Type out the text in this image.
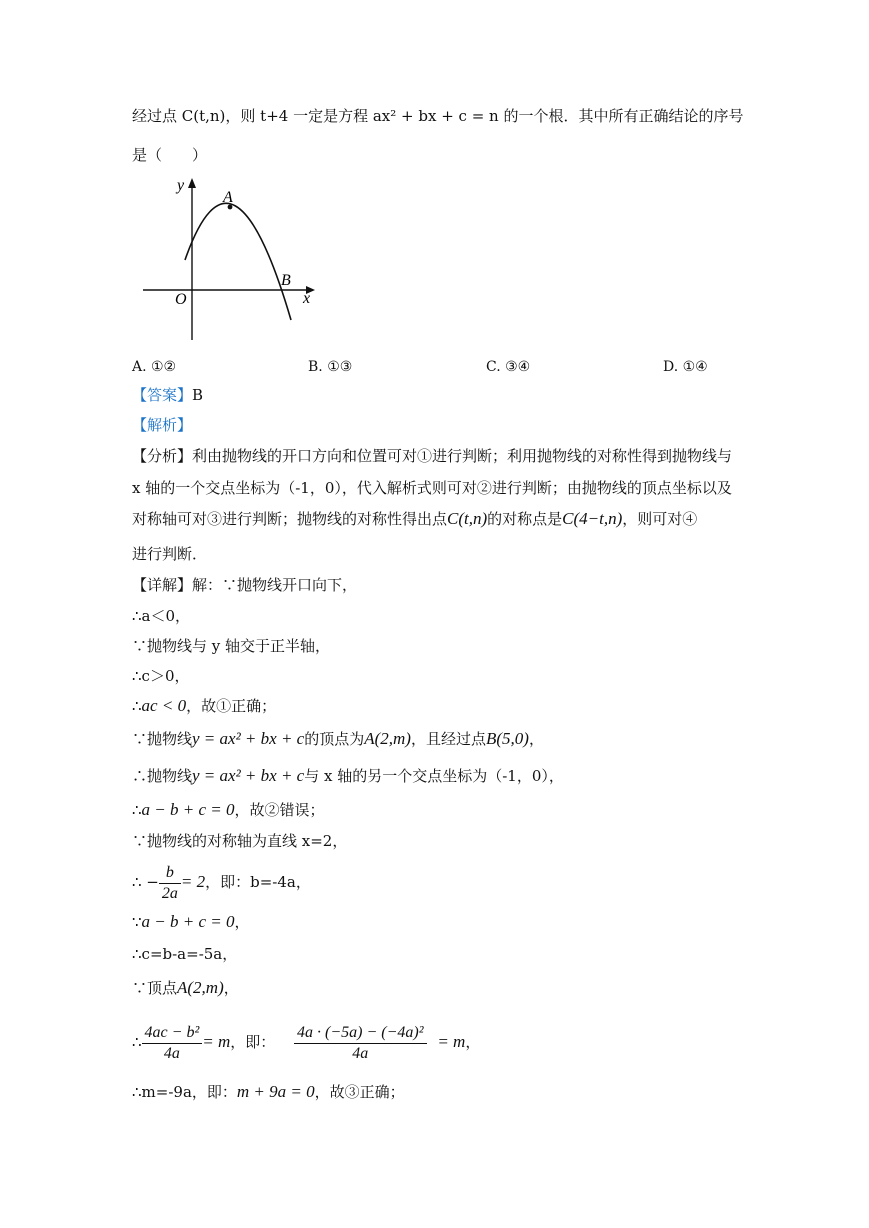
经过点 C(t,n)，则 t+4 一定是方程 ax² + bx + c = n 的一个根．其中所有正确结论的序号
是（　　）
y
x
O
A
B
A. ①②	B. ①③	C. ③④	D. ①④
【答案】B
【解析】
【分析】利由抛物线的开口方向和位置可对①进行判断；利用抛物线的对称性得到抛物线与
x 轴的一个交点坐标为（-1，0），代入解析式则可对②进行判断；由抛物线的顶点坐标以及
对称轴可对③进行判断；抛物线的对称性得出点C(t,n)的对称点是C(4−t,n)，则可对④
进行判断．
【详解】解：∵抛物线开口向下，
∴a＜0，
∵抛物线与 y 轴交于正半轴，
∴c＞0，
∴ac < 0，故①正确；
∵抛物线y = ax² + bx + c的顶点为A(2,m)，且经过点B(5,0)，
∴抛物线y = ax² + bx + c与 x 轴的另一个交点坐标为（-1，0），
∴a − b + c = 0，故②错误；
∵抛物线的对称轴为直线 x=2，
∴ − $\frac{b}{2a} = 2$，即：b=-4a，
∵a − b + c = 0，
∴c=b-a=-5a，
∵顶点A(2,m)，
∴ $\frac{\text{4ac − b²}}{4a} = m$，即： $\frac{\text{4a · (−5a) − (−4a)²}}{4a} = m$，
∴m=-9a，即：m + 9a = 0，故③正确；
